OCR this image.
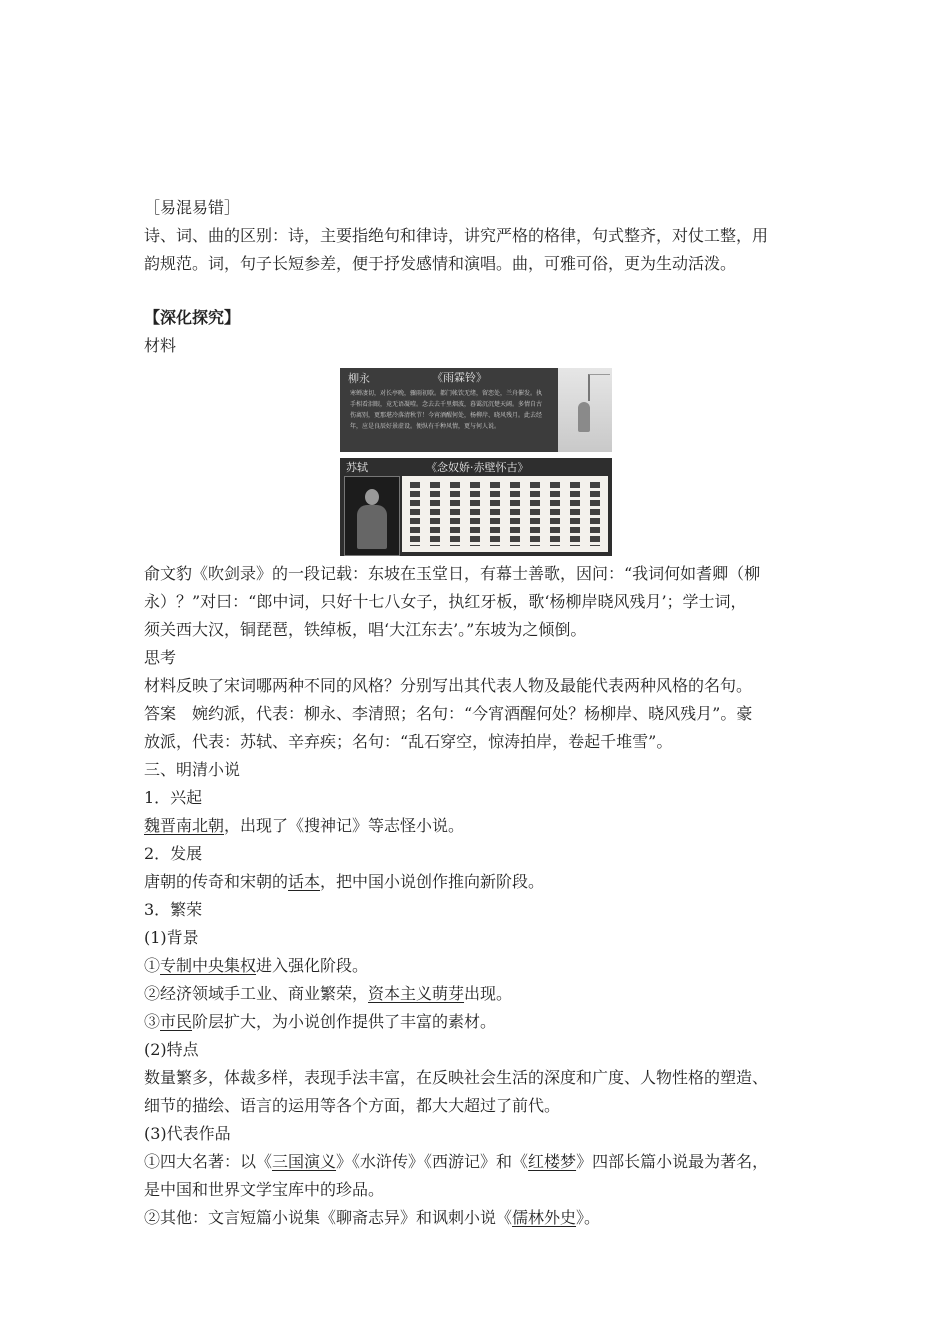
［易混易错］
诗、词、曲的区别：诗，主要指绝句和律诗，讲究严格的格律，句式整齐，对仗工整，用
韵规范。词，句子长短参差，便于抒发感情和演唱。曲，可雅可俗，更为生动活泼。
【深化探究】
材料
柳永	《雨霖铃》
寒蝉凄切，对长亭晚，骤雨初歇。都门帐饮无绪，留恋处，兰舟催发。执手相看泪眼，竟无语凝噎。念去去千里烟波，暮霭沉沉楚天阔。多情自古伤离别，更那堪冷落清秋节！今宵酒醒何处，杨柳岸、晓风残月。此去经年，应是良辰好景虚设。便纵有千种风情，更与何人说。
苏轼	《念奴娇·赤壁怀古》
俞文豹《吹剑录》的一段记载：东坡在玉堂日，有幕士善歌，因问：“我词何如耆卿（柳
永）？”对曰：“郎中词，只好十七八女子，执红牙板，歌‘杨柳岸晓风残月’；学士词，
须关西大汉，铜琵琶，铁绰板，唱‘大江东去’。”东坡为之倾倒。
思考
材料反映了宋词哪两种不同的风格？分别写出其代表人物及最能代表两种风格的名句。
答案　婉约派，代表：柳永、李清照；名句：“今宵酒醒何处？杨柳岸、晓风残月”。豪
放派，代表：苏轼、辛弃疾；名句：“乱石穿空，惊涛拍岸，卷起千堆雪”。
三、明清小说
1．兴起
魏晋南北朝，出现了《搜神记》等志怪小说。
2．发展
唐朝的传奇和宋朝的话本，把中国小说创作推向新阶段。
3．繁荣
(1)背景
①专制中央集权进入强化阶段。
②经济领域手工业、商业繁荣，资本主义萌芽出现。
③市民阶层扩大，为小说创作提供了丰富的素材。
(2)特点
数量繁多，体裁多样，表现手法丰富，在反映社会生活的深度和广度、人物性格的塑造、
细节的描绘、语言的运用等各个方面，都大大超过了前代。
(3)代表作品
①四大名著：以《三国演义》《水浒传》《西游记》和《红楼梦》四部长篇小说最为著名，
是中国和世界文学宝库中的珍品。
②其他：文言短篇小说集《聊斋志异》和讽刺小说《儒林外史》。
